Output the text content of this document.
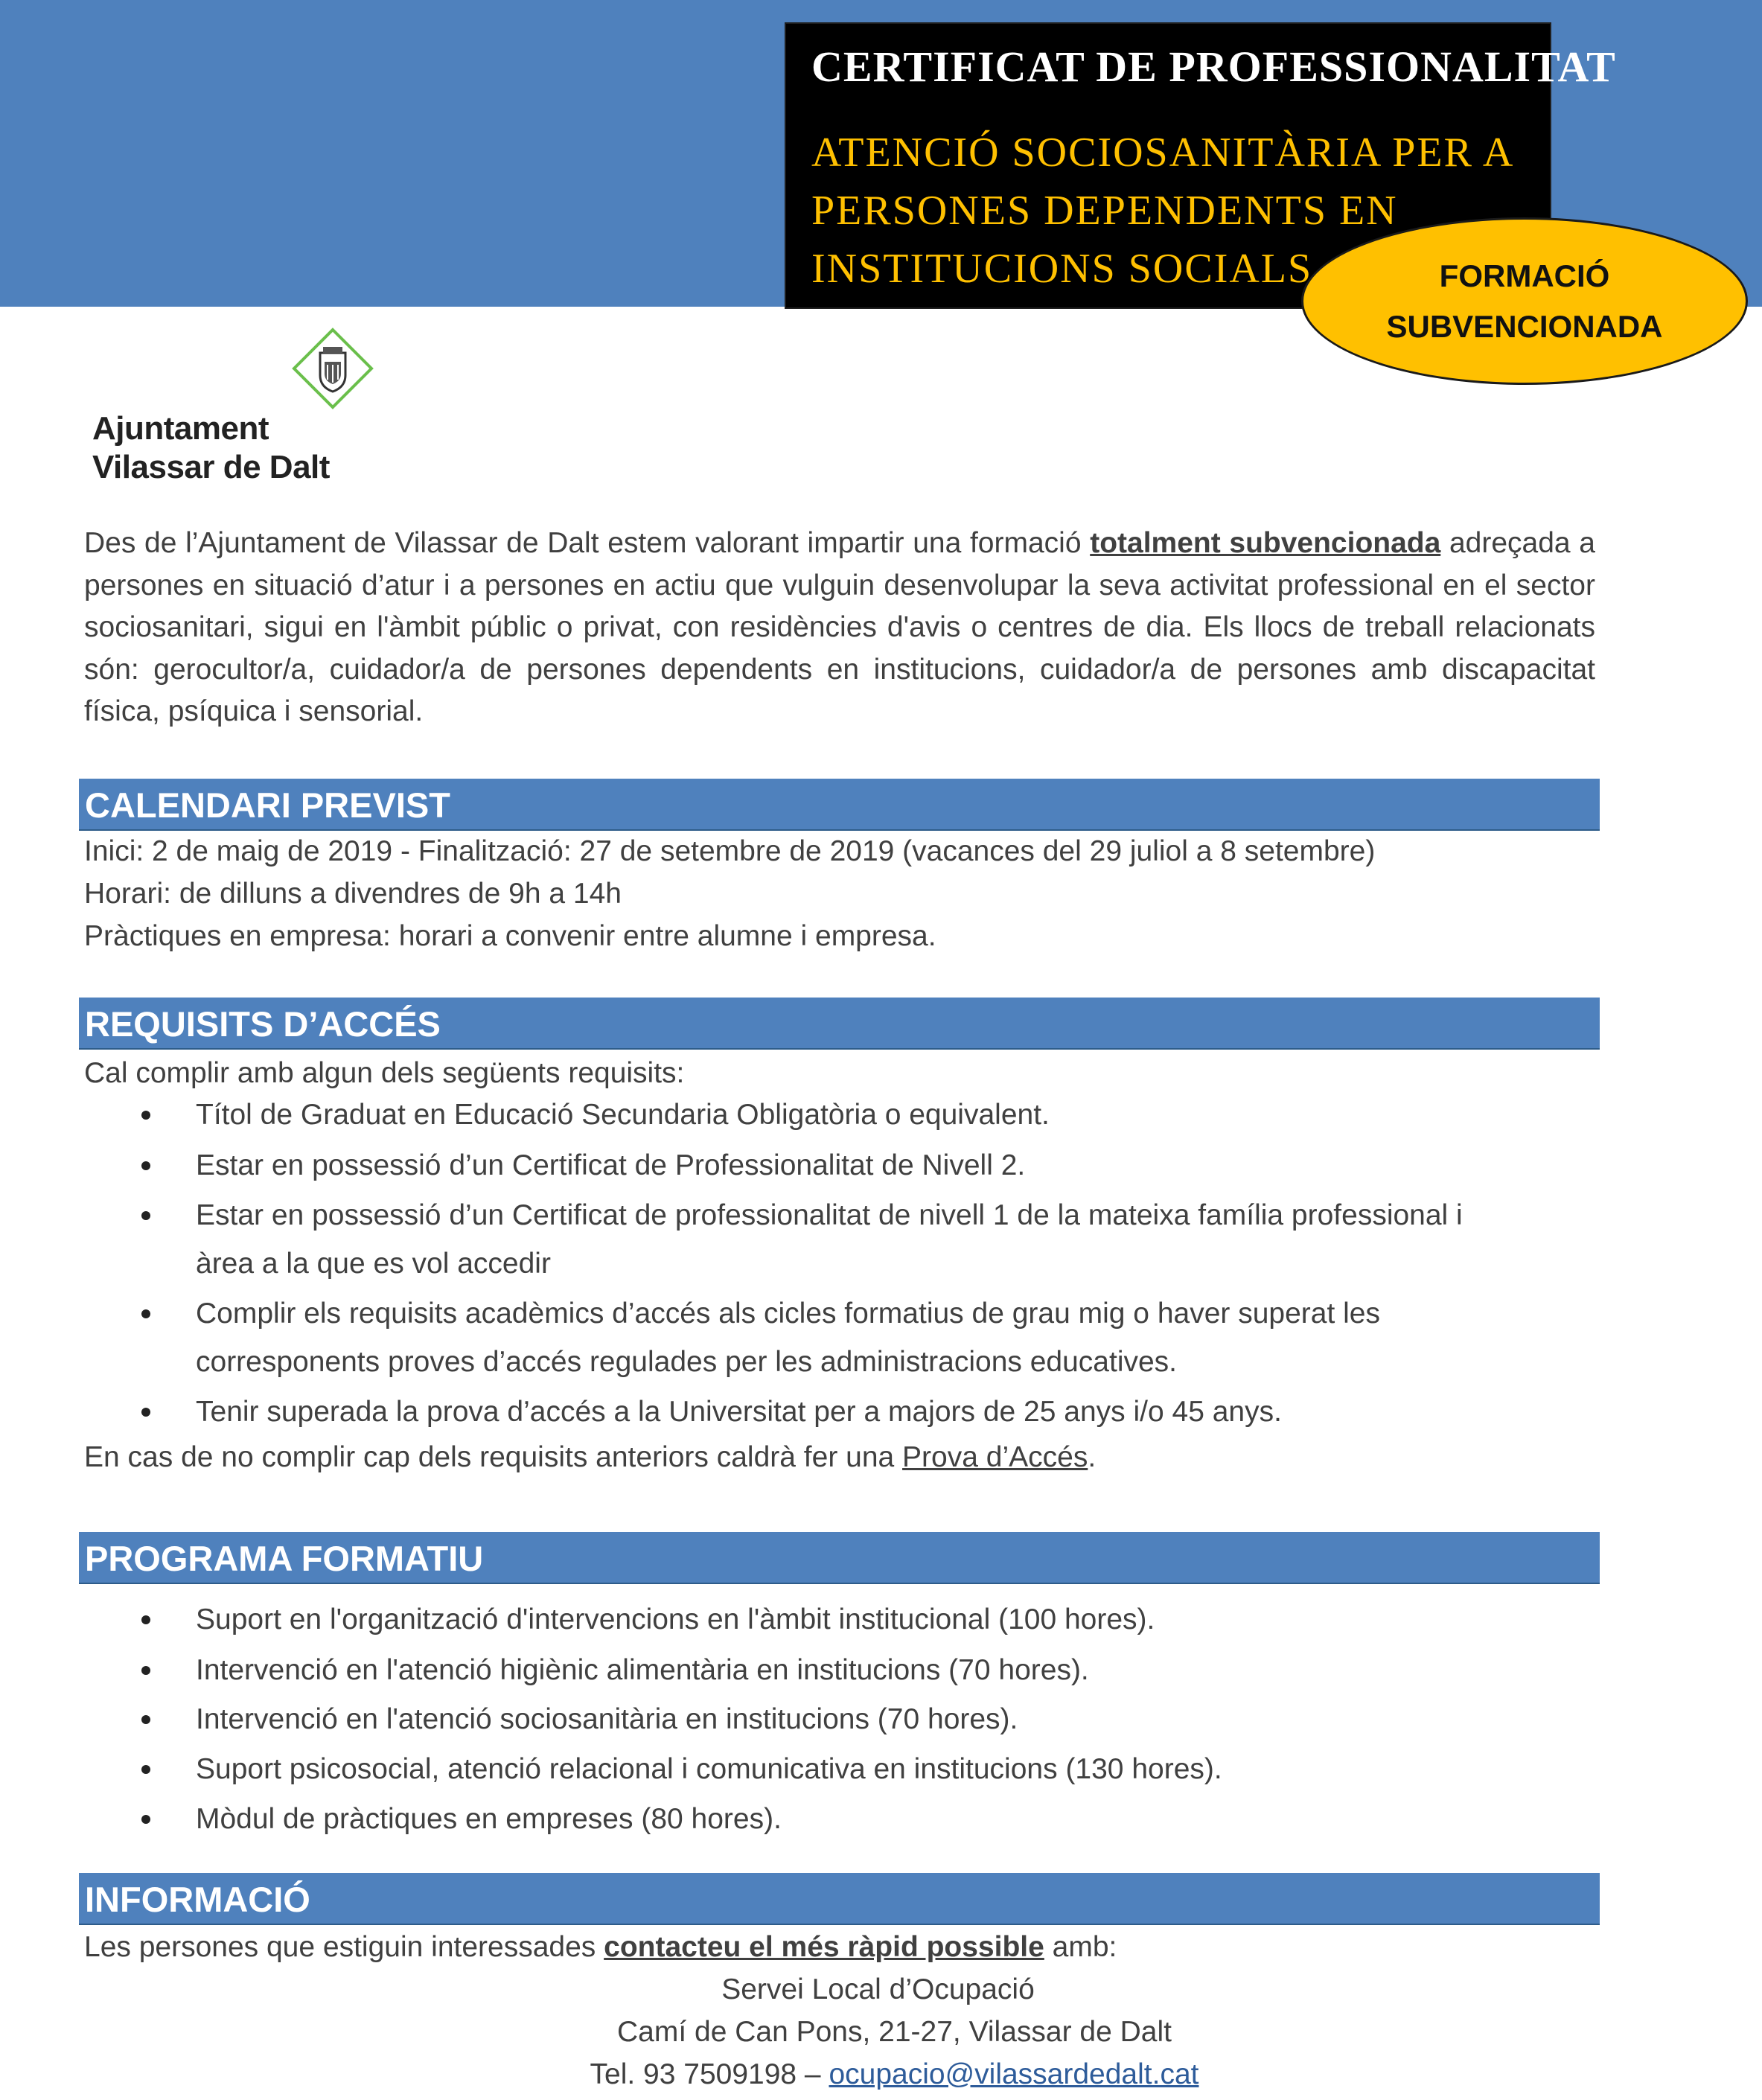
CERTIFICAT DE PROFESSIONALITAT
ATENCIÓ SOCIOSANITÀRIA PER A
PERSONES DEPENDENTS EN
INSTITUCIONS SOCIALS	FORMACIÓ
SUBVENCIONADA
Ajuntament
Vilassar de Dalt
Des de l’Ajuntament de Vilassar de Dalt estem valorant impartir una formació totalment subvencionada adreçada a persones en situació d’atur i a persones en actiu que vulguin desenvolupar la seva activitat professional en el sector sociosanitari, sigui en l'àmbit públic o privat, con residències d'avis o centres de dia. Els llocs de treball relacionats són: gerocultor/a, cuidador/a de persones dependents en institucions, cuidador/a de persones amb discapacitat física, psíquica i sensorial.
CALENDARI PREVIST
Inici: 2 de maig de 2019 - Finalització: 27 de setembre de 2019 (vacances del 29 juliol a 8 setembre)
Horari: de dilluns a divendres de 9h a 14h
Pràctiques en empresa: horari a convenir entre alumne i empresa.
REQUISITS D’ACCÉS
Cal complir amb algun dels següents requisits:
Títol de Graduat en Educació Secundaria Obligatòria o equivalent.
Estar en possessió d’un Certificat de Professionalitat de Nivell 2.
Estar en possessió d’un Certificat de professionalitat de nivell 1 de la mateixa família professional i
àrea a la que es vol accedir
Complir els requisits acadèmics d’accés als cicles formatius de grau mig o haver superat les
corresponents proves d’accés regulades per les administracions educatives.
Tenir superada la prova d’accés a la Universitat per a majors de 25 anys i/o 45 anys.
En cas de no complir cap dels requisits anteriors caldrà fer una Prova d’Accés.
PROGRAMA FORMATIU
Suport en l'organització d'intervencions en l'àmbit institucional (100 hores).
Intervenció en l'atenció higiènic alimentària en institucions (70 hores).
Intervenció en l'atenció sociosanitària en institucions (70 hores).
Suport psicosocial, atenció relacional i comunicativa en institucions (130 hores).
Mòdul de pràctiques en empreses (80 hores).
INFORMACIÓ
Les persones que estiguin interessades contacteu el més ràpid possible amb:
Servei Local d’Ocupació
Camí de Can Pons, 21-27, Vilassar de Dalt
Tel. 93 7509198 – ocupacio@vilassardedalt.cat
